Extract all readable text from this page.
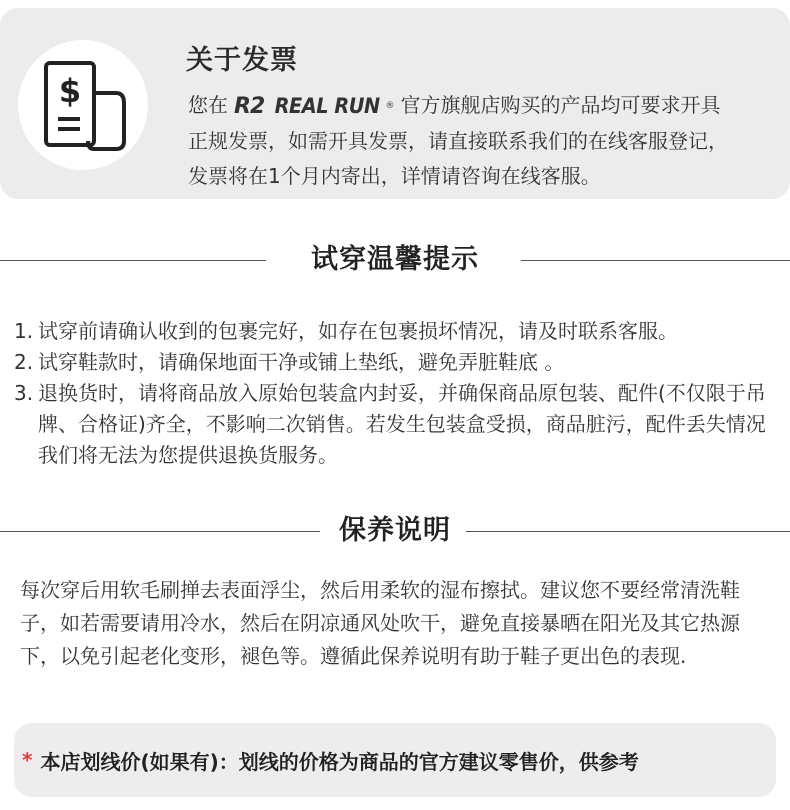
$
关于发票
您在 R2 REAL RUN ® 官方旗舰店购买的产品均可要求开具
正规发票，如需开具发票，请直接联系我们的在线客服登记，
发票将在1个月内寄出，详情请咨询在线客服。
试穿温馨提示
1. 试穿前请确认收到的包裹完好，如存在包裹损坏情况，请及时联系客服。
2. 试穿鞋款时，请确保地面干净或铺上垫纸，避免弄脏鞋底 。
3. 退换货时，请将商品放入原始包装盒内封妥，并确保商品原包装、配件(不仅限于吊牌、合格证)齐全，不影响二次销售。若发生包装盒受损，商品脏污，配件丢失情况我们将无法为您提供退换货服务。
保养说明
每次穿后用软毛刷掸去表面浮尘，然后用柔软的湿布擦拭。建议您不要经常清洗鞋子，如若需要请用冷水，然后在阴凉通风处吹干，避免直接暴晒在阳光及其它热源下，以免引起老化变形，褪色等。遵循此保养说明有助于鞋子更出色的表现.
* 本店划线价(如果有)：划线的价格为商品的官方建议零售价，供参考
